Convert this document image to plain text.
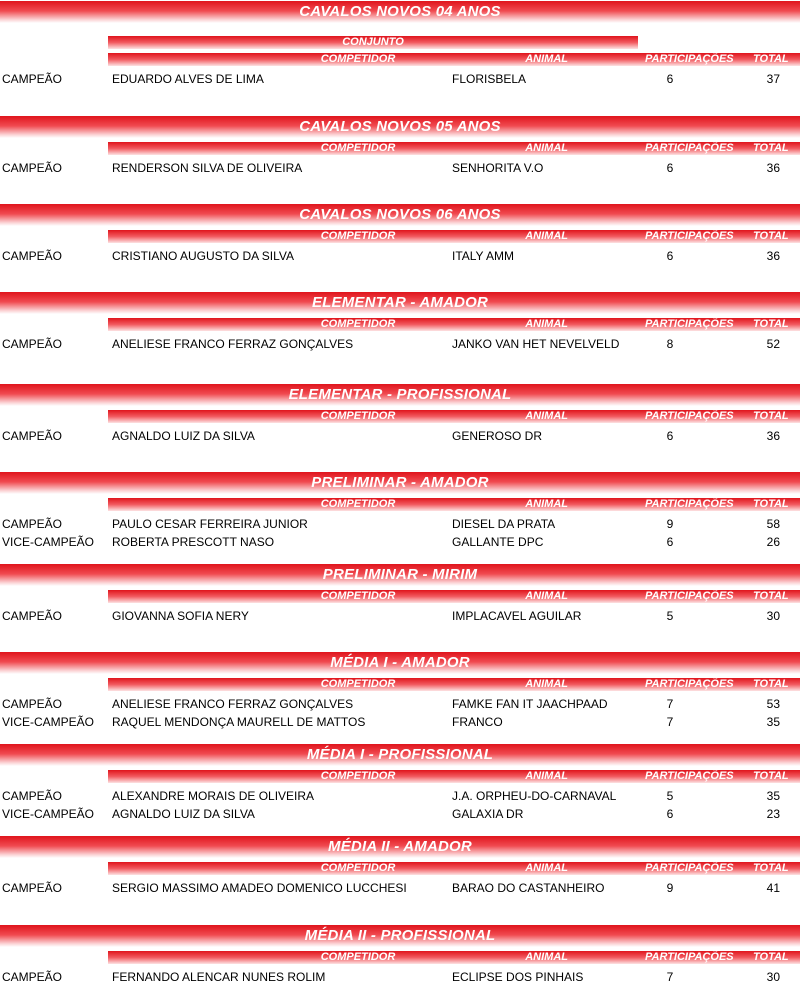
CAVALOS NOVOS 04 ANOS
CONJUNTO
COMPETIDOR	ANIMAL	PARTICIPAÇÕES TOTAL
CAMPEÃO	EDUARDO ALVES DE LIMA	FLORISBELA	6	37
CAVALOS NOVOS 05 ANOS
COMPETIDOR	ANIMAL	PARTICIPAÇÕES TOTAL
CAMPEÃO	RENDERSON SILVA DE OLIVEIRA	SENHORITA V.O	6	36
CAVALOS NOVOS 06 ANOS
COMPETIDOR	ANIMAL	PARTICIPAÇÕES TOTAL
CAMPEÃO	CRISTIANO AUGUSTO DA SILVA	ITALY AMM	6	36
ELEMENTAR - AMADOR
COMPETIDOR	ANIMAL	PARTICIPAÇÕES TOTAL
CAMPEÃO	ANELIESE FRANCO FERRAZ GONÇALVES	JANKO VAN HET NEVELVELD	8	52
ELEMENTAR - PROFISSIONAL
COMPETIDOR	ANIMAL	PARTICIPAÇÕES TOTAL
CAMPEÃO	AGNALDO LUIZ DA SILVA	GENEROSO DR	6	36
PRELIMINAR - AMADOR
COMPETIDOR	ANIMAL	PARTICIPAÇÕES TOTAL
CAMPEÃO	PAULO CESAR FERREIRA JUNIOR	DIESEL DA PRATA	9	58
VICE-CAMPEÃO ROBERTA PRESCOTT NASO	GALLANTE DPC	6	26
PRELIMINAR - MIRIM
COMPETIDOR	ANIMAL	PARTICIPAÇÕES TOTAL
CAMPEÃO	GIOVANNA SOFIA NERY	IMPLACAVEL AGUILAR	5	30
MÉDIA I - AMADOR
COMPETIDOR	ANIMAL	PARTICIPAÇÕES TOTAL
CAMPEÃO	ANELIESE FRANCO FERRAZ GONÇALVES	FAMKE FAN IT JAACHPAAD	7	53
VICE-CAMPEÃO RAQUEL MENDONÇA MAURELL DE MATTOS	FRANCO	7	35
MÉDIA I - PROFISSIONAL
COMPETIDOR	ANIMAL	PARTICIPAÇÕES TOTAL
CAMPEÃO	ALEXANDRE MORAIS DE OLIVEIRA	J.A. ORPHEU-DO-CARNAVAL	5	35
VICE-CAMPEÃO AGNALDO LUIZ DA SILVA	GALAXIA DR	6	23
MÉDIA II - AMADOR
COMPETIDOR	ANIMAL	PARTICIPAÇÕES TOTAL
CAMPEÃO	SERGIO MASSIMO AMADEO DOMENICO LUCCHESI	BARAO DO CASTANHEIRO	9	41
MÉDIA II - PROFISSIONAL
COMPETIDOR	ANIMAL	PARTICIPAÇÕES TOTAL
CAMPEÃO	FERNANDO ALENCAR NUNES ROLIM	ECLIPSE DOS PINHAIS	7	30
